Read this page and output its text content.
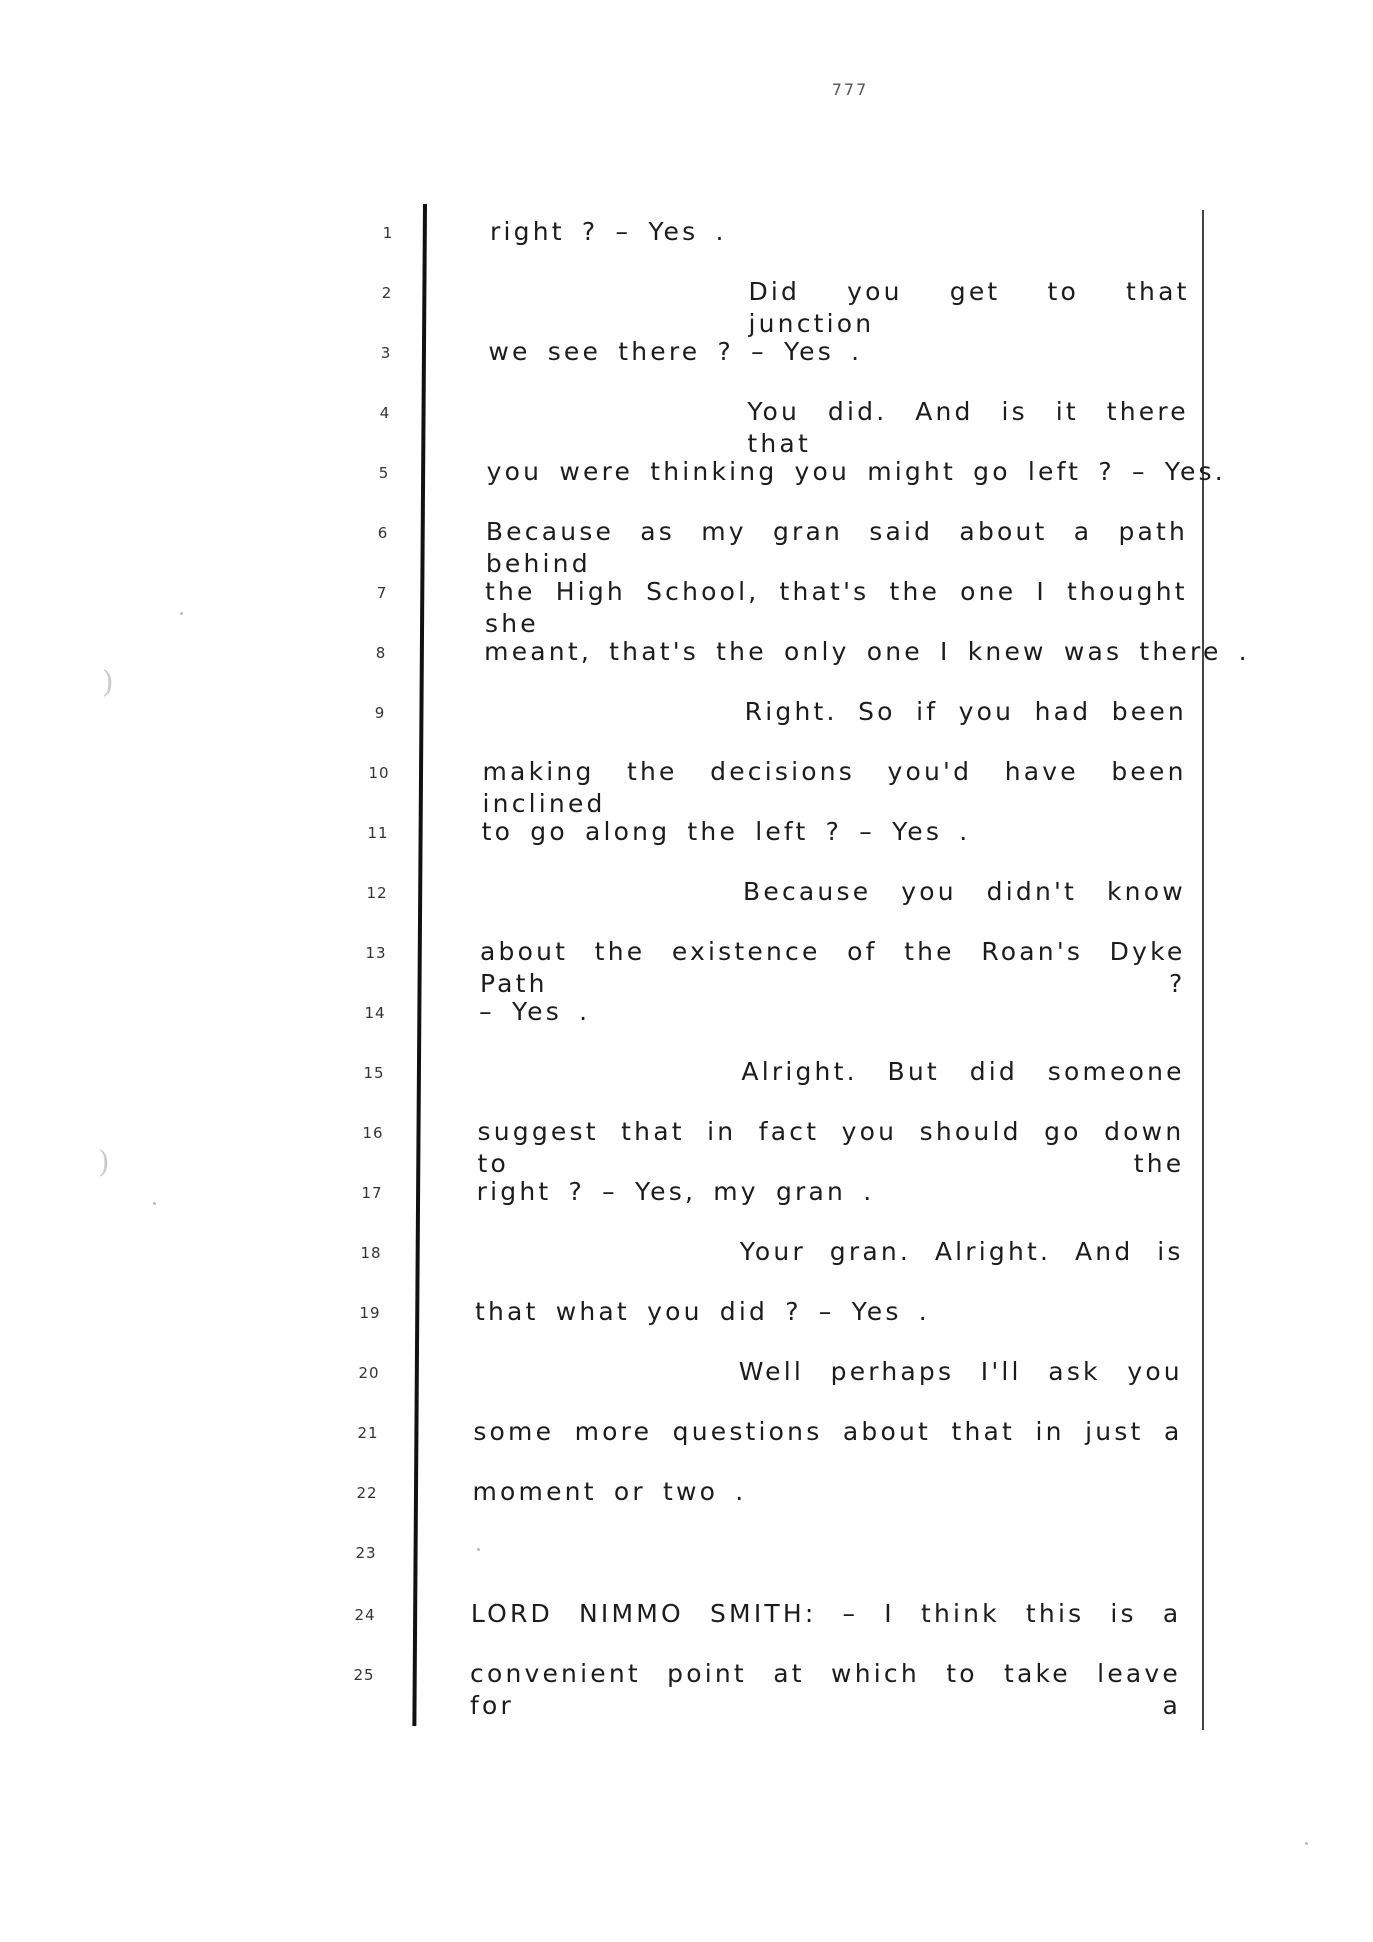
777
)
)
1	right ? – Yes .
2	Did you get to that junction
3	we see there ? – Yes .
4	You did. And is it there that
5	you were thinking you might go left ? – Yes.
6	Because as my gran said about a path behind
7	the High School, that's the one I thought she
8	meant, that's the only one I knew was there .
9	Right. So if you had been
10	making the decisions you'd have been inclined
11	to go along the left ? – Yes .
12	Because you didn't know
13	about the existence of the Roan's Dyke Path ?
14	– Yes .
15	Alright. But did someone
16	suggest that in fact you should go down to the
17	right ? – Yes, my gran .
18	Your gran. Alright. And is
19	that what you did ? – Yes .
20	Well perhaps I'll ask you
21	some more questions about that in just a
22	moment or two .
23
24	LORD NIMMO SMITH: – I think this is a
25	convenient point at which to take leave for a
